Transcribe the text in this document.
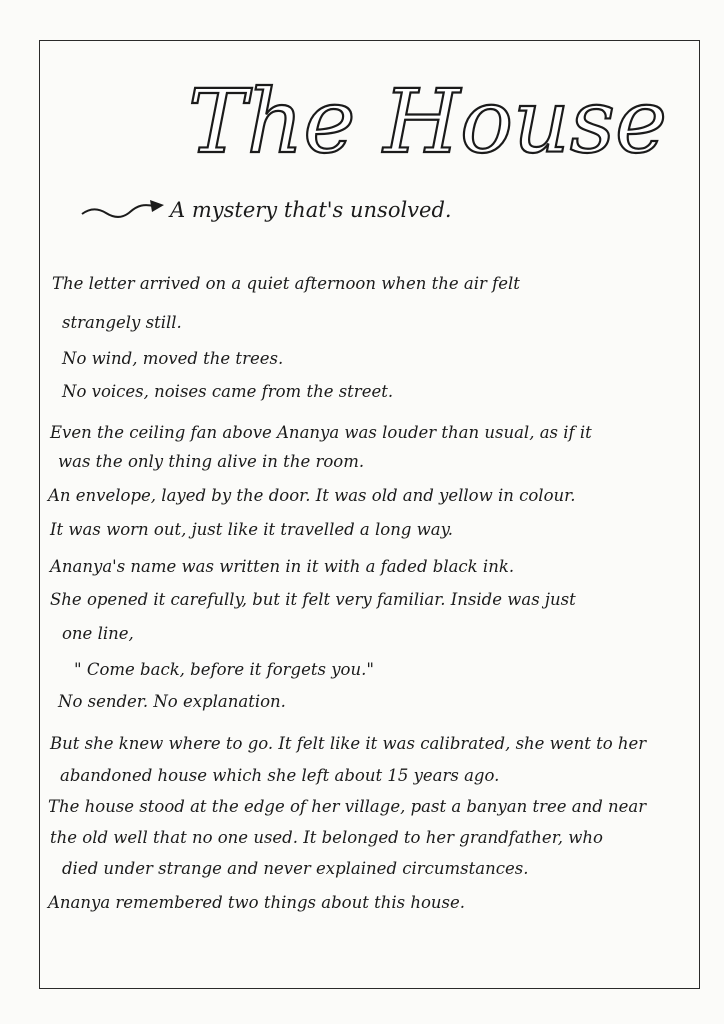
The House
A mystery that's unsolved.
The letter arrived on a quiet afternoon when the air felt
strangely still.
No wind, moved the trees.
No voices, noises came from the street.
Even the ceiling fan above Ananya was louder than usual, as if it
was the only thing alive in the room.
An envelope, layed by the door. It was old and yellow in colour.
It was worn out, just like it travelled a long way.
Ananya's name was written in it with a faded black ink.
She opened it carefully, but it felt very familiar. Inside was just
one line,
" Come back, before it forgets you."
No sender. No explanation.
But she knew where to go. It felt like it was calibrated, she went to her
abandoned house which she left about 15 years ago.
The house stood at the edge of her village, past a banyan tree and near
the old well that no one used. It belonged to her grandfather, who
died under strange and never explained circumstances.
Ananya remembered two things about this house.
